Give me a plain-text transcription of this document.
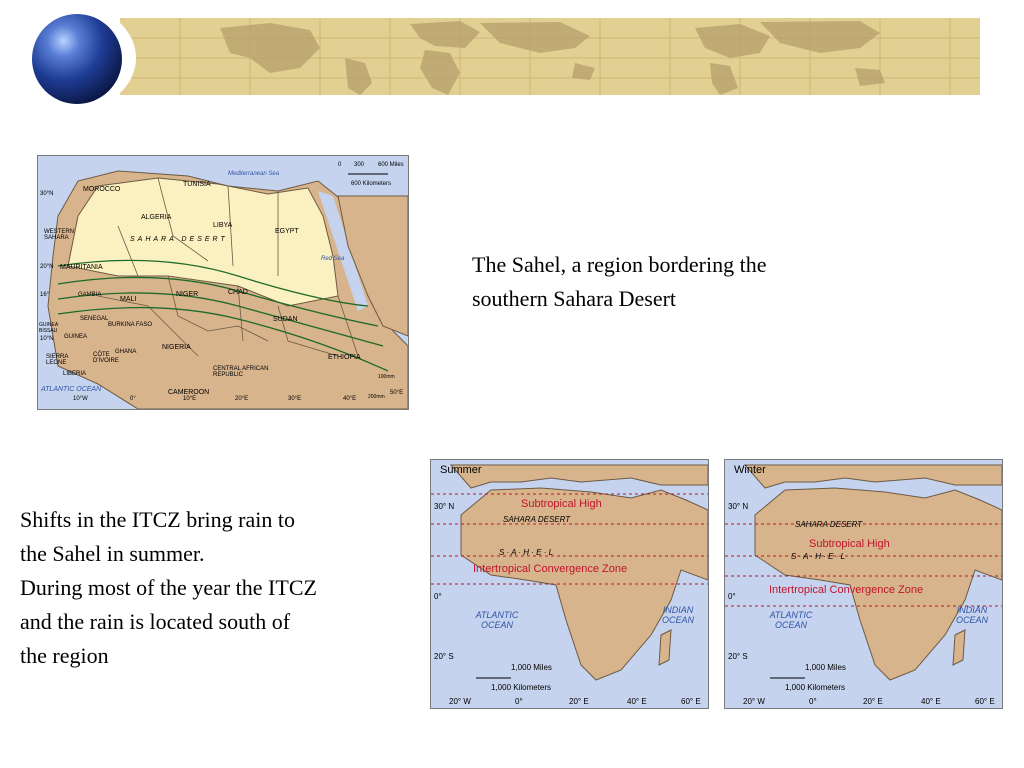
The Sahel, a region bordering the
southern Sahara Desert
Shifts in the ITCZ bring rain to
the Sahel in summer.
During most of the year the ITCZ
and the rain is located south of
the region
MOROCCO
TUNISIA
ALGERIA
LIBYA
EGYPT
WESTERN SAHARA
MAURITANIA
MALI
NIGER	CHAD
SUDAN
GAMBIA
SENEGAL
BURKINA FASO
GUINEA BISSAU
GUINEA
SIERRA LEONE
LIBERIA
CÔTE D'IVOIRE
GHANA
NIGERIA
CENTRAL AFRICAN REPUBLIC
CAMEROON
ETHIOPIA
Mediterranean Sea
Red Sea
ATLANTIC OCEAN
SAHARA DESERT
0 300 600 Miles
600 Kilometers
30°N
20°N
16°
10°N
10°W	0°	10°E	20°E	30°E	40°E
50°E
100mm
200mm
Summer
Subtropical High
SAHARA DESERT
S · A · H · E · L
Intertropical Convergence Zone
ATLANTIC OCEAN
INDIAN OCEAN
30° N
0°
20° S
1,000 Miles
1,000 Kilometers
20° W	0°	20° E	40° E	60° E
Winter
SAHARA DESERT
Subtropical High
S · A · H · E · L
Intertropical Convergence Zone
ATLANTIC OCEAN
INDIAN OCEAN
30° N
0°
20° S
1,000 Miles
1,000 Kilometers
20° W	0°	20° E	40° E	60° E
